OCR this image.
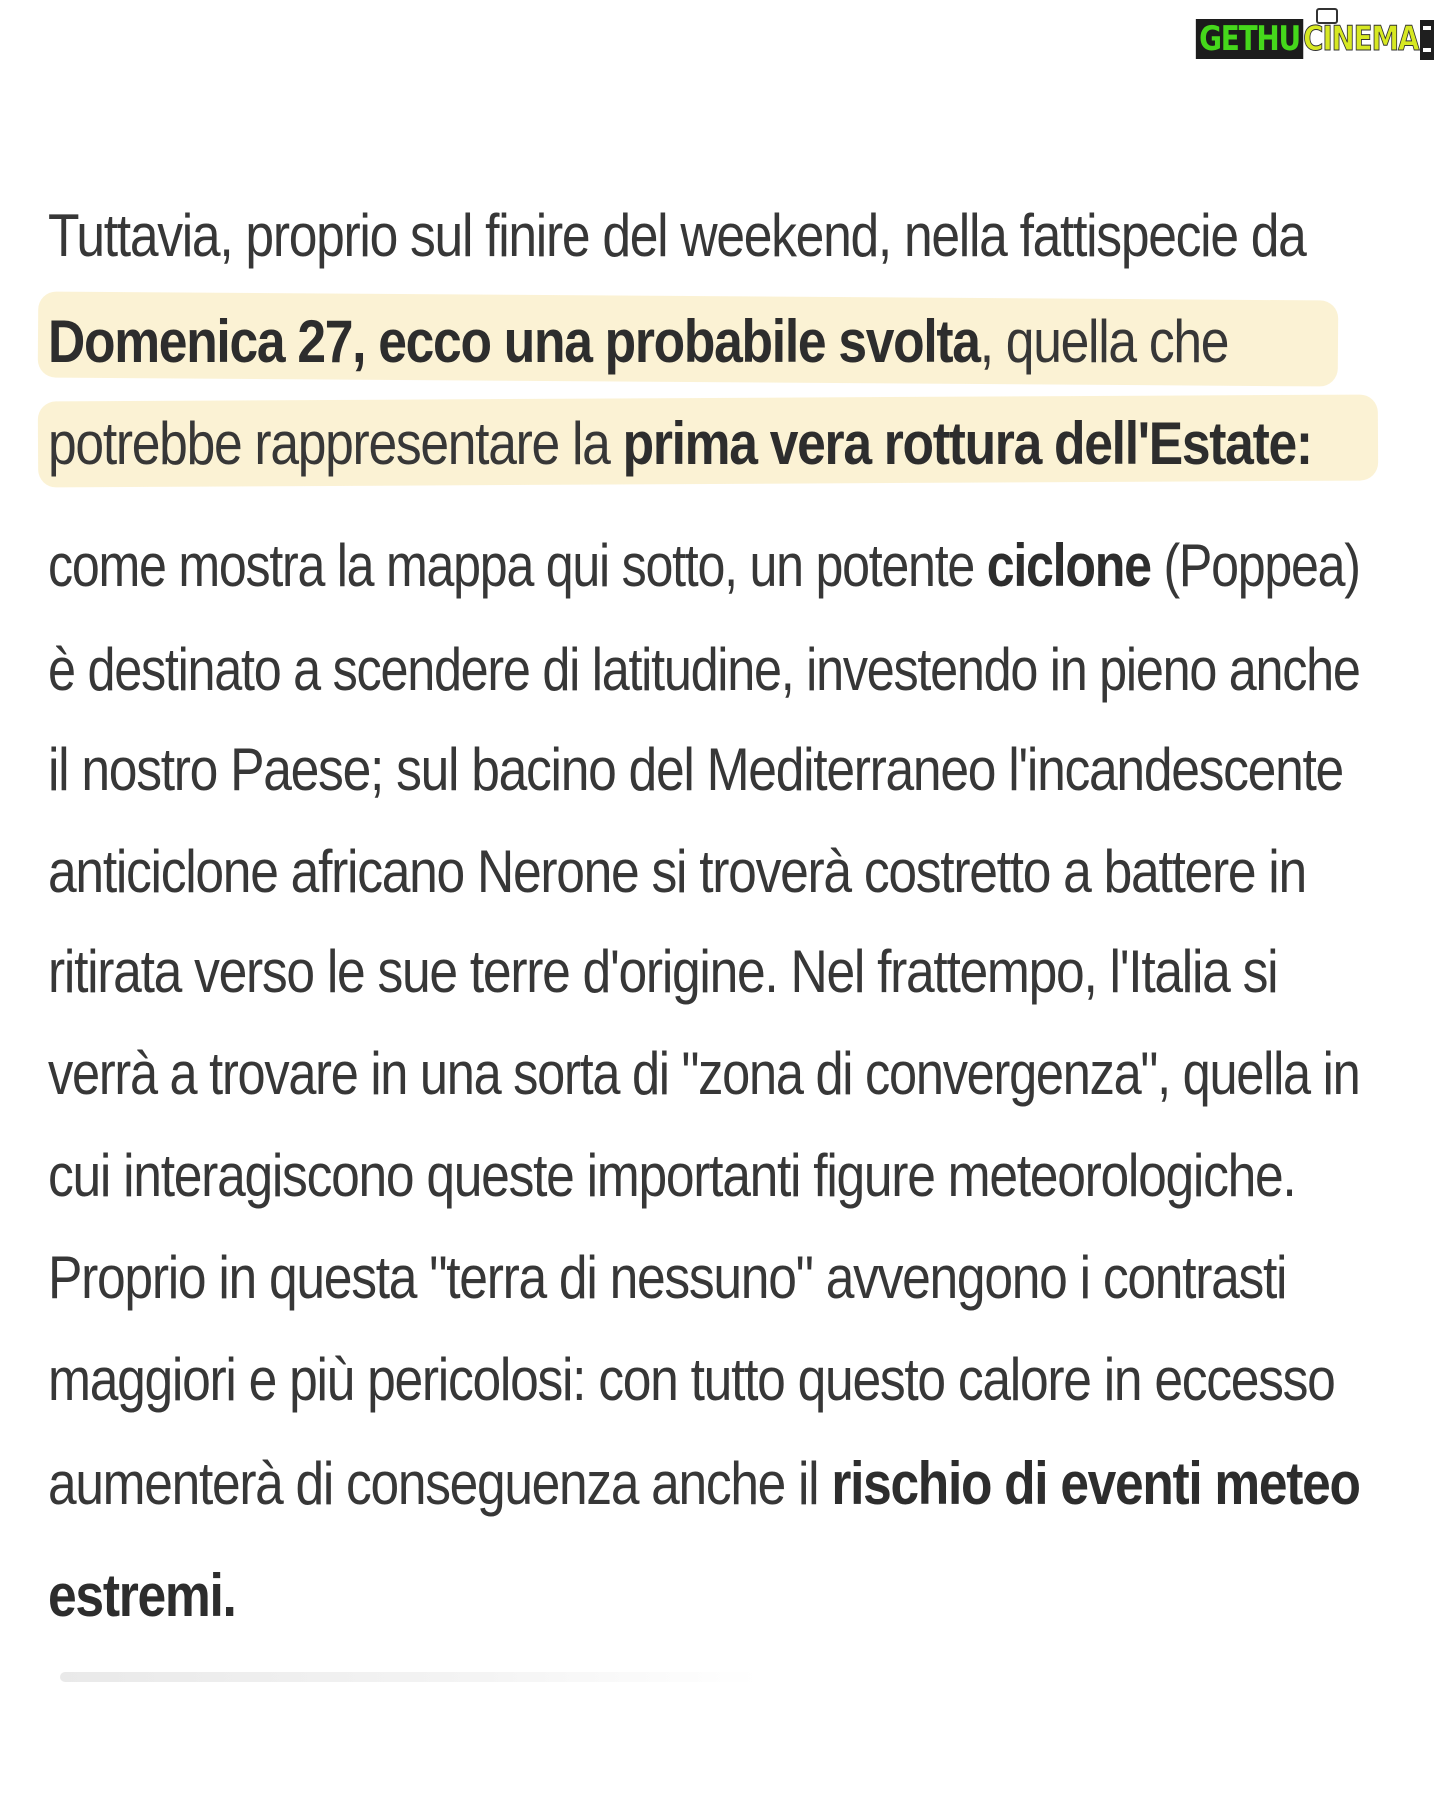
GETHUCINEMA
Tuttavia, proprio sul finire del weekend, nella fattispecie da
Domenica 27, ecco una probabile svolta, quella che
potrebbe rappresentare la prima vera rottura dell'Estate:
come mostra la mappa qui sotto, un potente ciclone (Poppea)
è destinato a scendere di latitudine, investendo in pieno anche
il nostro Paese; sul bacino del Mediterraneo l'incandescente
anticiclone africano Nerone si troverà costretto a battere in
ritirata verso le sue terre d'origine. Nel frattempo, l'Italia si
verrà a trovare in una sorta di "zona di convergenza", quella in
cui interagiscono queste importanti figure meteorologiche.
Proprio in questa "terra di nessuno" avvengono i contrasti
maggiori e più pericolosi: con tutto questo calore in eccesso
aumenterà di conseguenza anche il rischio di eventi meteo
estremi.
